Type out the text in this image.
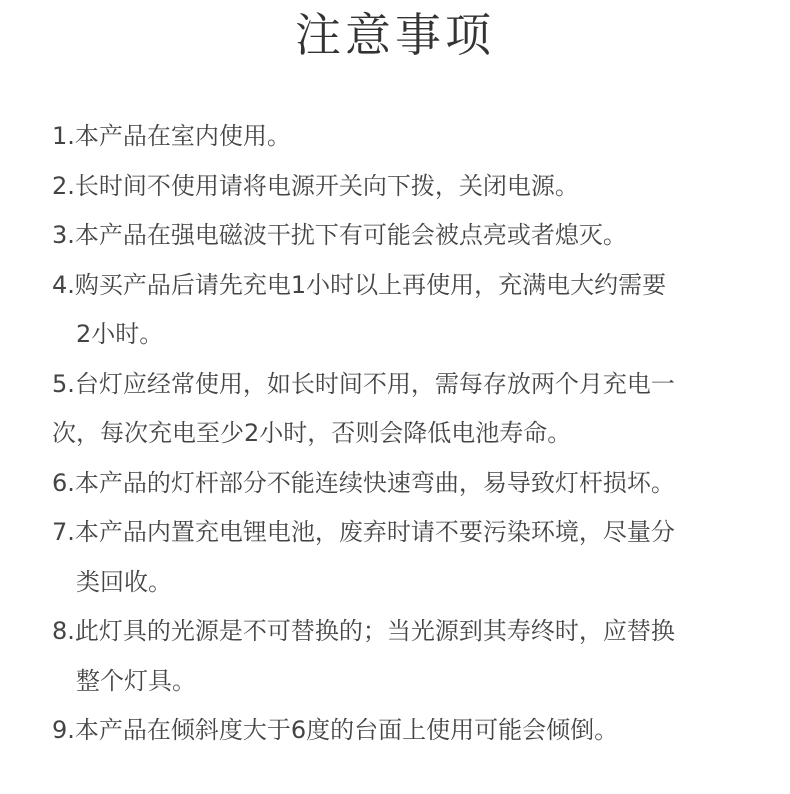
注意事项
1.本产品在室内使用。
2.长时间不使用请将电源开关向下拨，关闭电源。
3.本产品在强电磁波干扰下有可能会被点亮或者熄灭。
4.购买产品后请先充电1小时以上再使用，充满电大约需要
2小时。
5.台灯应经常使用，如长时间不用，需每存放两个月充电一
次，每次充电至少2小时，否则会降低电池寿命。
6.本产品的灯杆部分不能连续快速弯曲，易导致灯杆损坏。
7.本产品内置充电锂电池，废弃时请不要污染环境，尽量分
类回收。
8.此灯具的光源是不可替换的；当光源到其寿终时，应替换
整个灯具。
9.本产品在倾斜度大于6度的台面上使用可能会倾倒。
